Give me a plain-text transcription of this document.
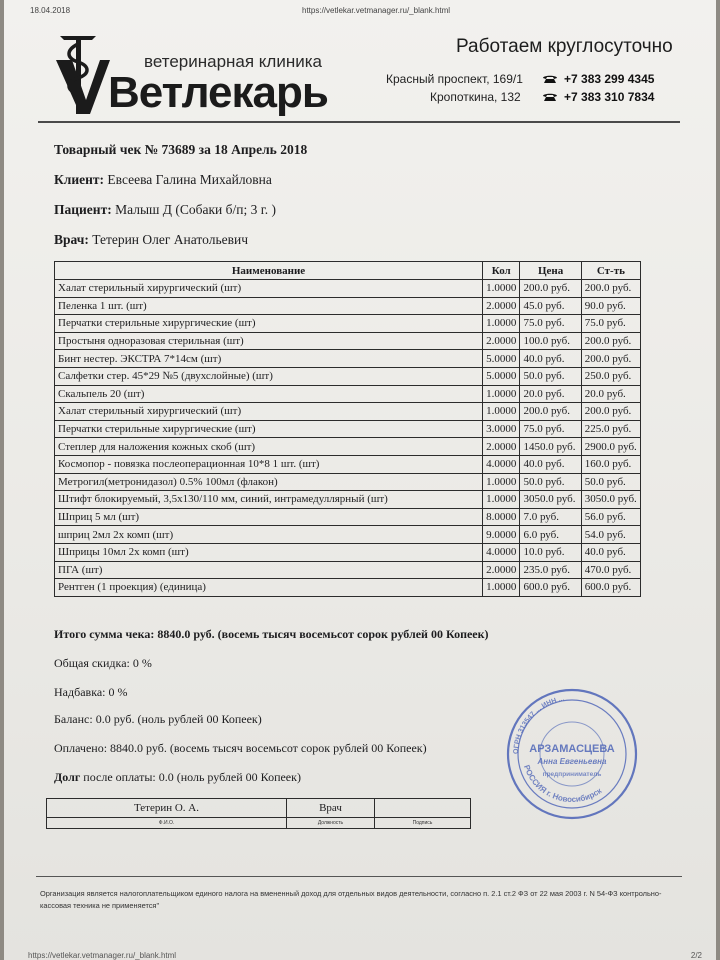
18.04.2018	https://vetlekar.vetmanager.ru/_blank.html
ветеринарная клиника
Ветлекарь
Работаем круглосуточно
Красный проспект, 169/1	+7 383 299 4345
Кропоткина, 132	+7 383 310 7834
Товарный чек № 73689 за 18 Апрель 2018
Клиент: Евсеева Галина Михайловна
Пациент: Малыш Д (Собаки б/п; 3 г. )
Врач: Тетерин Олег Анатольевич
Наименование	Кол	Цена	Ст-ть
Халат стерильный хирургический (шт)	1.0000	200.0 руб.	200.0 руб.
Пеленка 1 шт. (шт)	2.0000	45.0 руб.	90.0 руб.
Перчатки стерильные хирургические (шт)	1.0000	75.0 руб.	75.0 руб.
Простыня одноразовая стерильная (шт)	2.0000	100.0 руб.	200.0 руб.
Бинт нестер. ЭКСТРА 7*14см (шт)	5.0000	40.0 руб.	200.0 руб.
Салфетки стер. 45*29 №5 (двухслойные) (шт)	5.0000	50.0 руб.	250.0 руб.
Скальпель 20 (шт)	1.0000	20.0 руб.	20.0 руб.
Халат стерильный хирургический (шт)	1.0000	200.0 руб.	200.0 руб.
Перчатки стерильные хирургические (шт)	3.0000	75.0 руб.	225.0 руб.
Степлер для наложения кожных скоб (шт)	2.0000	1450.0 руб.	2900.0 руб.
Космопор - повязка послеоперационная 10*8 1 шт. (шт)	4.0000	40.0 руб.	160.0 руб.
Метрогил(метронидазол) 0.5% 100мл (флакон)	1.0000	50.0 руб.	50.0 руб.
Штифт блокируемый, 3,5х130/110 мм, синий, интрамедуллярный (шт)	1.0000	3050.0 руб.	3050.0 руб.
Шприц 5 мл (шт)	8.0000	7.0 руб.	56.0 руб.
шприц 2мл 2х комп (шт)	9.0000	6.0 руб.	54.0 руб.
Шприцы 10мл 2х комп (шт)	4.0000	10.0 руб.	40.0 руб.
ПГА (шт)	2.0000	235.0 руб.	470.0 руб.
Рентген (1 проекция) (единица)	1.0000	600.0 руб.	600.0 руб.
Итого сумма чека: 8840.0 руб. (восемь тысяч восемьсот сорок рублей 00 Копеек)
Общая скидка: 0 %
Надбавка: 0 %
Баланс: 0.0 руб. (ноль рублей 00 Копеек)
Оплачено: 8840.0 руб. (восемь тысяч восемьсот сорок рублей 00 Копеек)
Долг после оплаты: 0.0 (ноль рублей 00 Копеек)
Тетерин О. А.	Врач	
Ф.И.О.	Должность	Подпись
ОГРН 313547 ... ИНН ...
РОССИЯ г. Новосибирск
АРЗАМАСЦЕВА
Анна Евгеньевна
предприниматель
Организация является налогоплательщиком единого налога на вмененный доход для отдельных видов деятельности, согласно п. 2.1 ст.2 ФЗ от 22 мая 2003 г. N 54-ФЗ контрольно-кассовая техника не применяется"
https://vetlekar.vetmanager.ru/_blank.html	2/2
